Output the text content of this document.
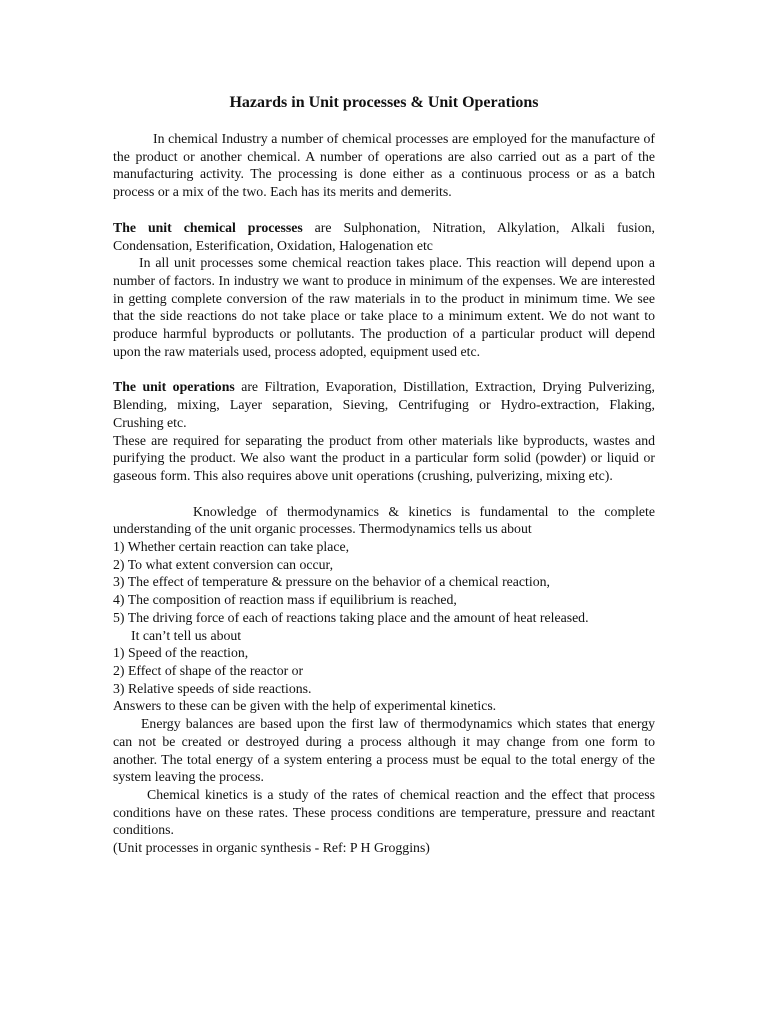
Hazards in Unit processes & Unit Operations

In chemical Industry a number of chemical processes are employed for the manufacture of the product or another chemical. A number of operations are also carried out as a part of the manufacturing activity. The processing is done either as a continuous process or as a batch process or a mix of the two. Each has its merits and demerits.

The unit chemical processes are Sulphonation, Nitration, Alkylation, Alkali fusion, Condensation, Esterification, Oxidation, Halogenation etc

In all unit processes some chemical reaction takes place. This reaction will depend upon a number of factors. In industry we want to produce in minimum of the expenses. We are interested in getting complete conversion of the raw materials in to the product in minimum time. We see that the side reactions do not take place or take place to a minimum extent. We do not want to produce harmful byproducts or pollutants. The production of a particular product will depend upon the raw materials used, process adopted, equipment used etc.

The unit operations are Filtration, Evaporation, Distillation, Extraction, Drying Pulverizing, Blending, mixing, Layer separation, Sieving, Centrifuging or Hydro-extraction, Flaking, Crushing etc.

These are required for separating the product from other materials like byproducts, wastes and purifying the product. We also want the product in a particular form solid (powder) or liquid or gaseous form. This also requires above unit operations (crushing, pulverizing, mixing etc).

Knowledge of thermodynamics & kinetics is fundamental to the complete understanding of the unit organic processes. Thermodynamics tells us about

1) Whether certain reaction can take place,

2) To what extent conversion can occur,

3) The effect of temperature & pressure on the behavior of a chemical reaction,

4) The composition of reaction mass if equilibrium is reached,

5) The driving force of each of reactions taking place and the amount of heat released.

It can’t tell us about

1) Speed of the reaction,

2) Effect of shape of the reactor or

3) Relative speeds of side reactions.

Answers to these can be given with the help of experimental kinetics.

Energy balances are based upon the first law of thermodynamics which states that energy can not be created or destroyed during a process although it may change from one form to another. The total energy of a system entering a process must be equal to the total energy of the system leaving the process.

Chemical kinetics is a study of the rates of chemical reaction and the effect that process conditions have on these rates. These process conditions are temperature, pressure and reactant conditions.

(Unit processes in organic synthesis - Ref: P H Groggins)
